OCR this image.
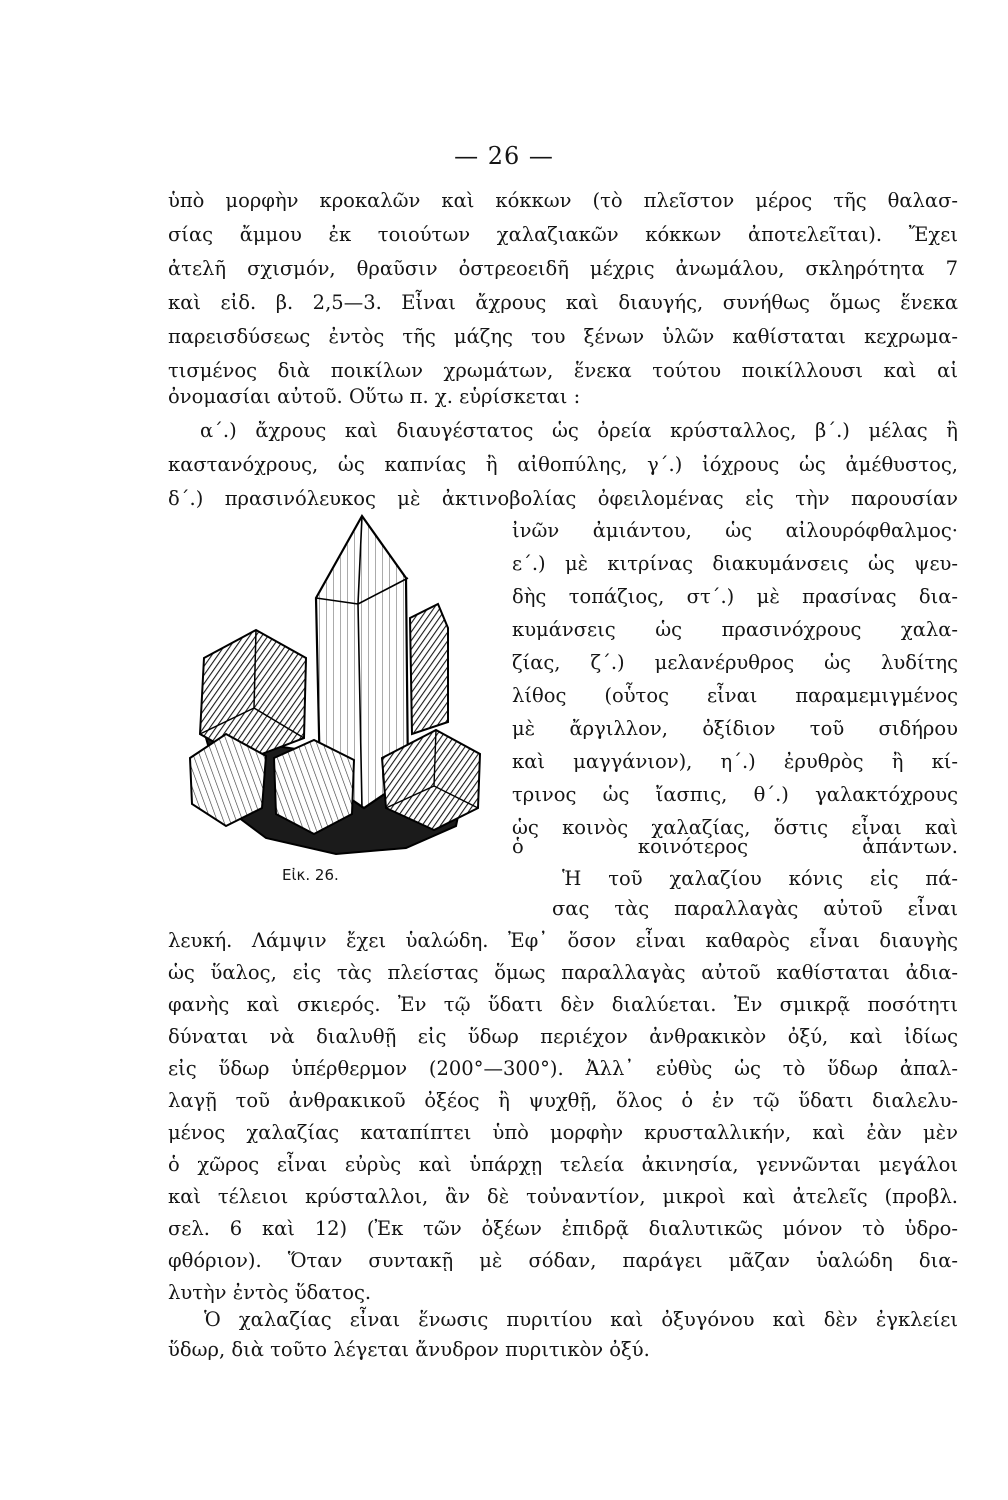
— 26 —
ὑπὸ μορφὴν κροκαλῶν καὶ κόκκων (τὸ πλεῖστον μέρος τῆς θαλασ-
σίας ἄμμου ἐκ τοιούτων χαλαζιακῶν κόκκων ἀποτελεῖται). Ἔχει
ἀτελῆ σχισμόν, θραῦσιν ὀστρεοειδῆ μέχρις ἀνωμάλου, σκληρότητα 7
καὶ εἰδ. β. 2,5—3. Εἶναι ἄχρους καὶ διαυγής, συνήθως ὅμως ἕνεκα
παρεισδύσεως ἐντὸς τῆς μάζης του ξένων ὑλῶν καθίσταται κεχρωμα-
τισμένος διὰ ποικίλων χρωμάτων, ἕνεκα τούτου ποικίλλουσι καὶ αἱ
ὀνομασίαι αὐτοῦ. Οὕτω π. χ. εὑρίσκεται :
α΄.) ἄχρους καὶ διαυγέστατος ὡς ὀρεία κρύσταλλος, β΄.) μέλας ἢ
καστανόχρους, ὡς καπνίας ἢ αἰθοπύλης, γ΄.) ἰόχρους ὡς ἀμέθυστος,
δ΄.) πρασινόλευκος μὲ ἀκτινοβολίας ὀφειλομένας εἰς τὴν παρουσίαν
ἰνῶν ἀμιάντου, ὡς αἰλουρόφθαλμος·
ε΄.) μὲ κιτρίνας διακυμάνσεις ὡς ψευ-
δὴς τοπάζιος, στ΄.) μὲ πρασίνας δια-
κυμάνσεις ὡς πρασινόχρους χαλα-
ζίας, ζ΄.) μελανέρυθρος ὡς λυδίτης
λίθος (οὗτος εἶναι παραμεμιγμένος
μὲ ἄργιλλον, ὀξίδιον τοῦ σιδήρου
καὶ μαγγάνιον), η΄.) ἐρυθρὸς ἢ κί-
τρινος ὡς ἴασπις, θ΄.) γαλακτόχρους
ὡς κοινὸς χαλαζίας, ὅστις εἶναι καὶ
ὁ κοινότερος ἁπάντων.
Ἡ τοῦ χαλαζίου κόνις εἰς πά-
σας τὰς παραλλαγὰς αὐτοῦ εἶναι
λευκή. Λάμψιν ἔχει ὑαλώδη. Ἐφ᾽ ὅσον εἶναι καθαρὸς εἶναι διαυγὴς
ὡς ὕαλος, εἰς τὰς πλείστας ὅμως παραλλαγὰς αὐτοῦ καθίσταται ἀδια-
φανὴς καὶ σκιερός. Ἐν τῷ ὕδατι δὲν διαλύεται. Ἐν σμικρᾷ ποσότητι
δύναται νὰ διαλυθῇ εἰς ὕδωρ περιέχον ἀνθρακικὸν ὀξύ, καὶ ἰδίως
εἰς ὕδωρ ὑπέρθερμον (200°—300°). Ἀλλ᾽ εὐθὺς ὡς τὸ ὕδωρ ἀπαλ-
λαγῇ τοῦ ἀνθρακικοῦ ὀξέος ἢ ψυχθῇ, ὅλος ὁ ἐν τῷ ὕδατι διαλελυ-
μένος χαλαζίας καταπίπτει ὑπὸ μορφὴν κρυσταλλικήν, καὶ ἐὰν μὲν
ὁ χῶρος εἶναι εὐρὺς καὶ ὑπάρχῃ τελεία ἀκινησία, γεννῶνται μεγάλοι
καὶ τέλειοι κρύσταλλοι, ἂν δὲ τοὐναντίον, μικροὶ καὶ ἀτελεῖς (προβλ.
σελ. 6 καὶ 12) (Ἐκ τῶν ὀξέων ἐπιδρᾷ διαλυτικῶς μόνον τὸ ὑδρο-
φθόριον). Ὅταν συντακῇ μὲ σόδαν, παράγει μᾶζαν ὑαλώδη δια-
λυτὴν ἐντὸς ὕδατος.
Ὁ χαλαζίας εἶναι ἕνωσις πυριτίου καὶ ὀξυγόνου καὶ δὲν ἐγκλείει
ὕδωρ, διὰ τοῦτο λέγεται ἄνυδρον πυριτικὸν ὀξύ.
Εἰκ. 26.
